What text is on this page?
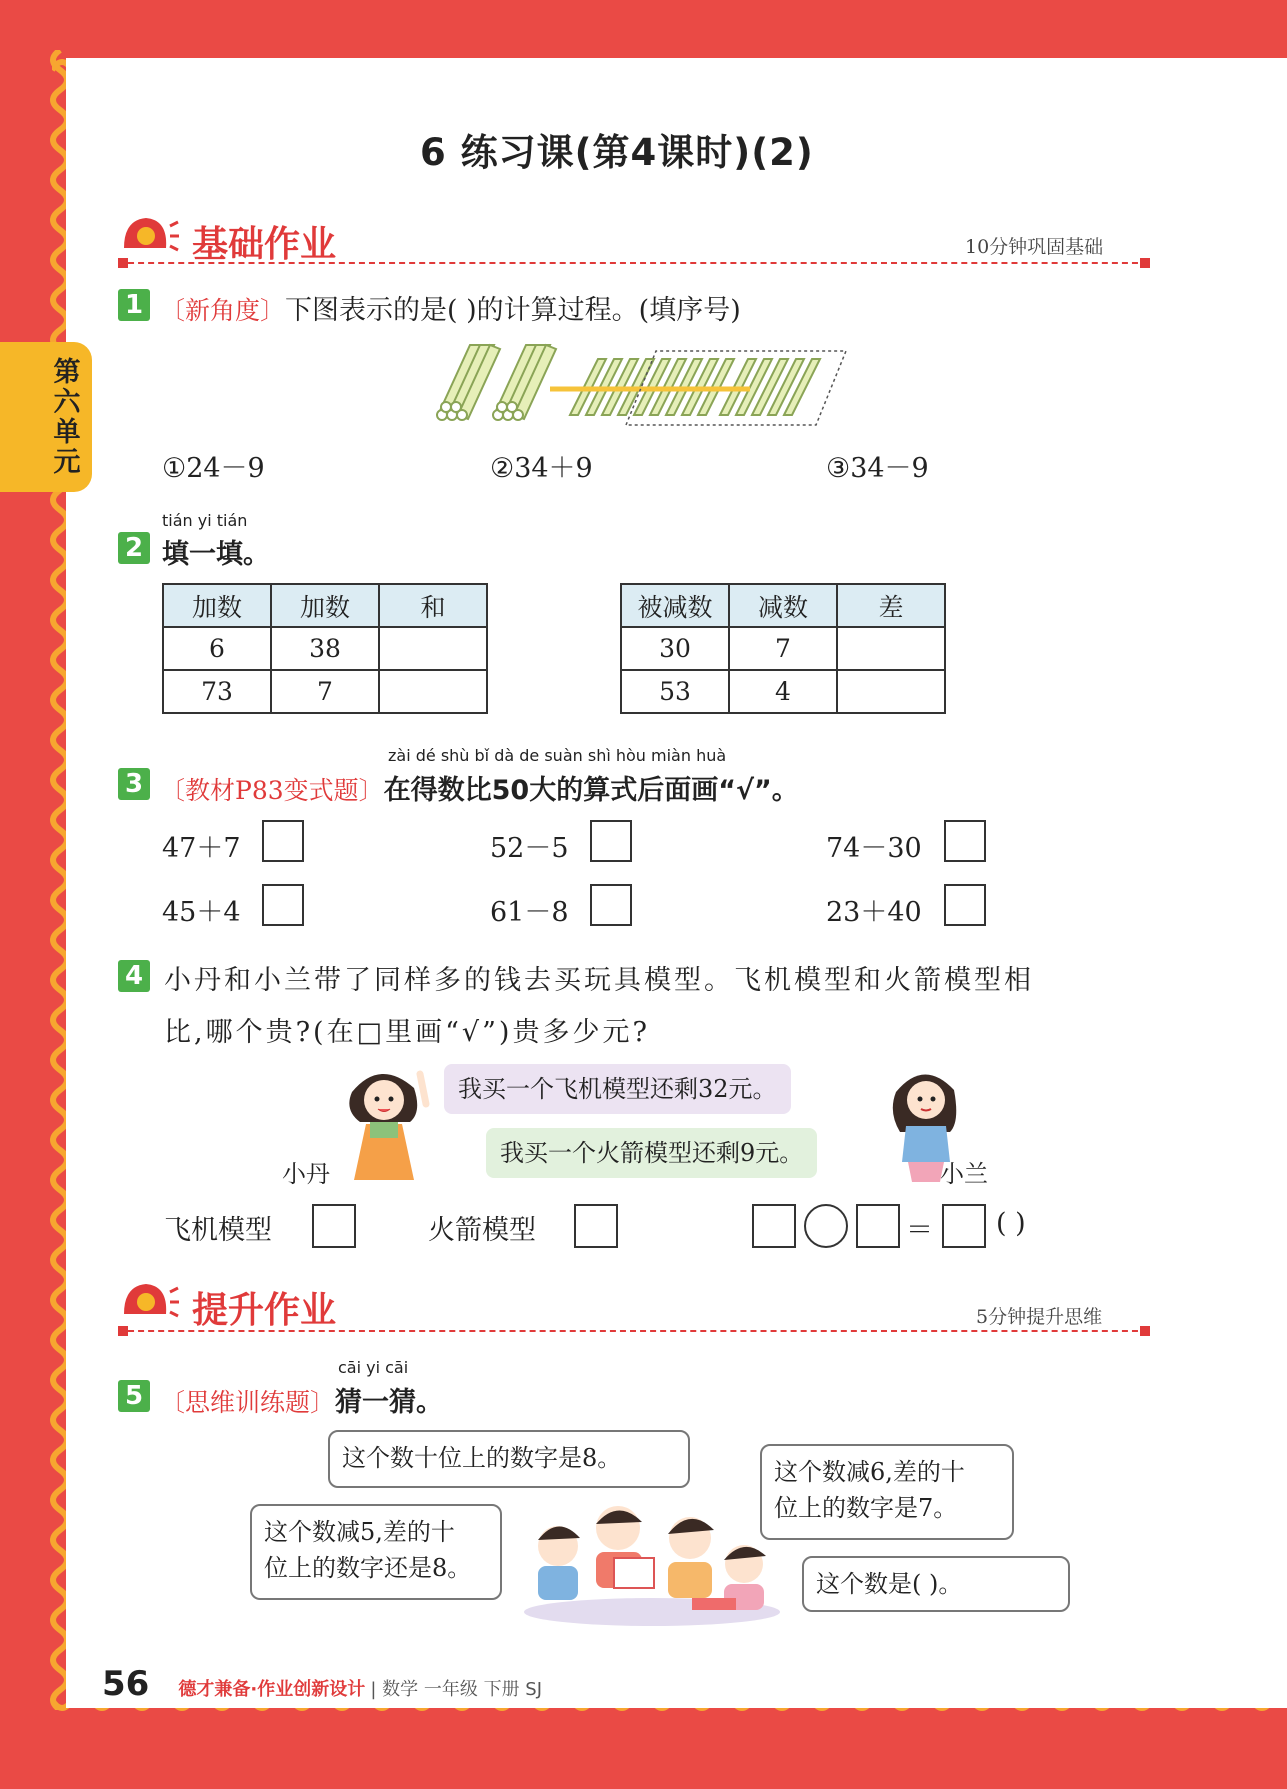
第六单元
6 练习课(第4课时)(2)
基础作业	10分钟巩固基础
1 〔新角度〕下图表示的是( )的计算过程。(填序号)
①24－9	②34＋9	③34－9
tián yi tián
2 填一填。
加数	加数	和
6	38	
73	7	
被减数	减数	差
30	7	
53	4	
zài dé shù bǐ dà de suàn shì hòu miàn huà
3 〔教材P83变式题〕在得数比50大的算式后面画“√”。
47＋7	52－5	74－30
45＋4	61－8	23＋40
4 小丹和小兰带了同样多的钱去买玩具模型。飞机模型和火箭模型相
比,哪个贵?(在□里画“√”)贵多少元?
我买一个飞机模型还剩32元。
我买一个火箭模型还剩9元。
小丹	小兰
飞机模型	火箭模型	＝ ( )
提升作业	5分钟提升思维
cāi yi cāi
5 〔思维训练题〕猜一猜。
这个数十位上的数字是8。	这个数减6,差的十
位上的数字是7。
这个数减5,差的十
位上的数字还是8。
这个数是( )。
56 德才兼备·作业创新设计 | 数学 一年级 下册 SJ
